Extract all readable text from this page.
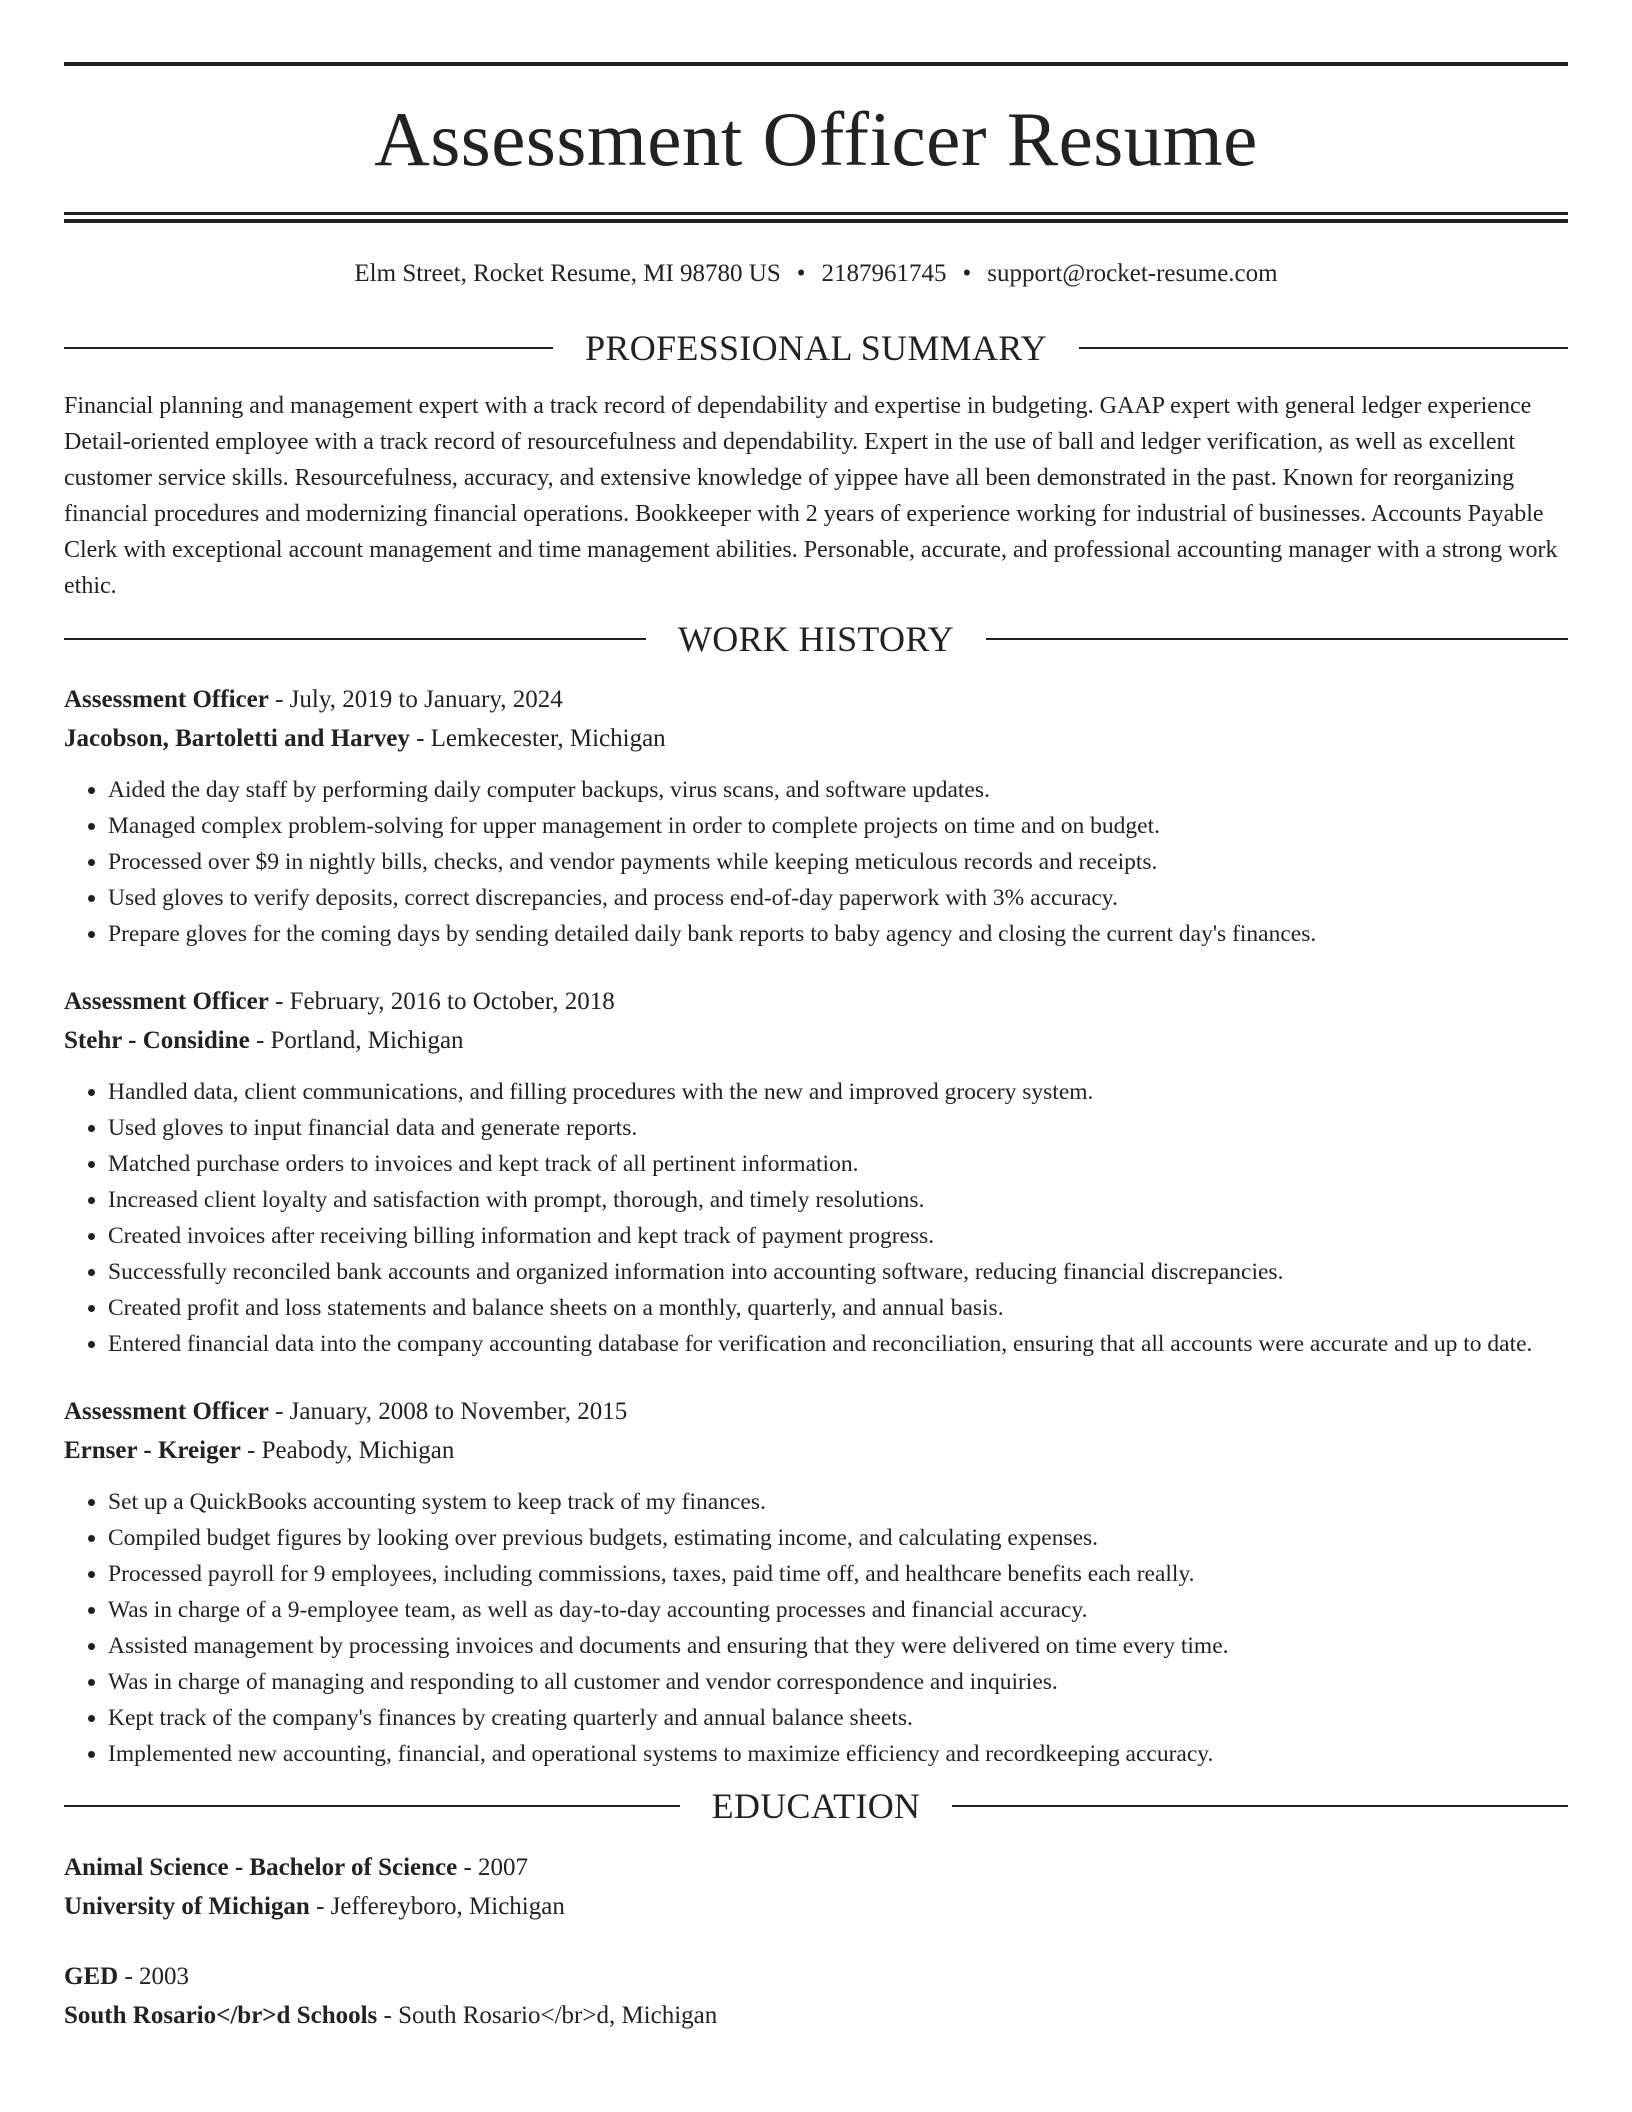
Assessment Officer Resume
Elm Street, Rocket Resume, MI 98780 US • 2187961745 • support@rocket-resume.com
PROFESSIONAL SUMMARY

Financial planning and management expert with a track record of dependability and expertise in budgeting. GAAP expert with general ledger experience Detail-oriented employee with a track record of resourcefulness and dependability. Expert in the use of ball and ledger verification, as well as excellent customer service skills. Resourcefulness, accuracy, and extensive knowledge of yippee have all been demonstrated in the past. Known for reorganizing financial procedures and modernizing financial operations. Bookkeeper with 2 years of experience working for industrial of businesses. Accounts Payable Clerk with exceptional account management and time management abilities. Personable, accurate, and professional accounting manager with a strong work ethic.

WORK HISTORY

Assessment Officer - July, 2019 to January, 2024

Jacobson, Bartoletti and Harvey - Lemkecester, Michigan

• Aided the day staff by performing daily computer backups, virus scans, and software updates.
• Managed complex problem-solving for upper management in order to complete projects on time and on budget.
• Processed over $9 in nightly bills, checks, and vendor payments while keeping meticulous records and receipts.
• Used gloves to verify deposits, correct discrepancies, and process end-of-day paperwork with 3% accuracy.
• Prepare gloves for the coming days by sending detailed daily bank reports to baby agency and closing the current day's finances.

Assessment Officer - February, 2016 to October, 2018

Stehr - Considine - Portland, Michigan

• Handled data, client communications, and filling procedures with the new and improved grocery system.
• Used gloves to input financial data and generate reports.
• Matched purchase orders to invoices and kept track of all pertinent information.
• Increased client loyalty and satisfaction with prompt, thorough, and timely resolutions.
• Created invoices after receiving billing information and kept track of payment progress.
• Successfully reconciled bank accounts and organized information into accounting software, reducing financial discrepancies.
• Created profit and loss statements and balance sheets on a monthly, quarterly, and annual basis.
• Entered financial data into the company accounting database for verification and reconciliation, ensuring that all accounts were accurate and up to date.

Assessment Officer - January, 2008 to November, 2015

Ernser - Kreiger - Peabody, Michigan

• Set up a QuickBooks accounting system to keep track of my finances.
• Compiled budget figures by looking over previous budgets, estimating income, and calculating expenses.
• Processed payroll for 9 employees, including commissions, taxes, paid time off, and healthcare benefits each really.
• Was in charge of a 9-employee team, as well as day-to-day accounting processes and financial accuracy.
• Assisted management by processing invoices and documents and ensuring that they were delivered on time every time.
• Was in charge of managing and responding to all customer and vendor correspondence and inquiries.
• Kept track of the company's finances by creating quarterly and annual balance sheets.
• Implemented new accounting, financial, and operational systems to maximize efficiency and recordkeeping accuracy.
EDUCATION

Animal Science - Bachelor of Science - 2007

University of Michigan - Jeffereyboro, Michigan

GED - 2003

South Rosario</br>d Schools - South Rosario</br>d, Michigan
